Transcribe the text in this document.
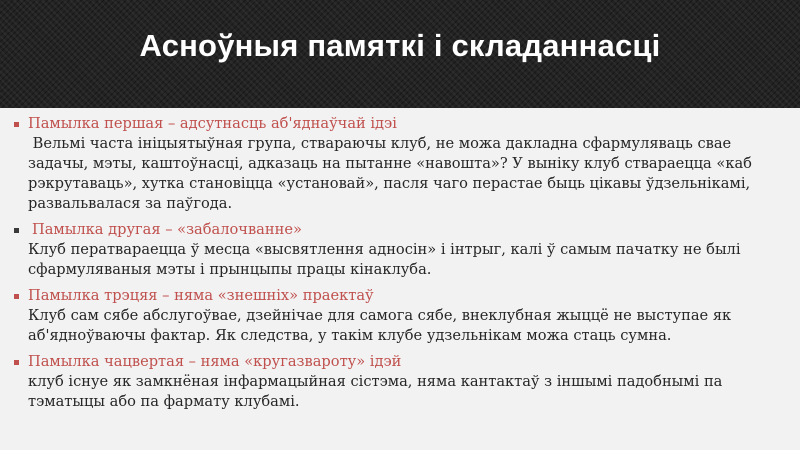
Асноўныя памяткі і складаннасці
Памылка першая – адсутнасць аб'яднаўчай ідэі
Вельмі часта ініцыятыўная група, ствараючы клуб, не можа дакладна сфармуляваць свае задачы, мэты, каштоўнасці, адказаць на пытанне «навошта»? У выніку клуб ствараецца «каб рэкрутаваць», хутка становіцца «установай», пасля чаго перастае быць цікавы ўдзельнікамі, развальвалася за паўгода.
Памылка другая – «забалочванне»
Клуб ператвараецца ў месца «высвятлення адносін» і інтрыг, калі ў самым пачатку не былі сфармуляваныя мэты і прынцыпы працы кінаклуба.
Памылка трэцяя – няма «знешніх» праектаў
Клуб сам сябе абслугоўвае, дзейнічае для самога сябе, внеклубная жыццё не выступае як аб'ядноўваючы фактар. Як следства, у такім клубе удзельнікам можа стаць сумна.
Памылка чацвертая – няма «кругазвароту» ідэй
клуб існуе як замкнёная інфармацыйная сістэма, няма кантактаў з іншымі падобнымі па тэматыцы або па фармату клубамі.
